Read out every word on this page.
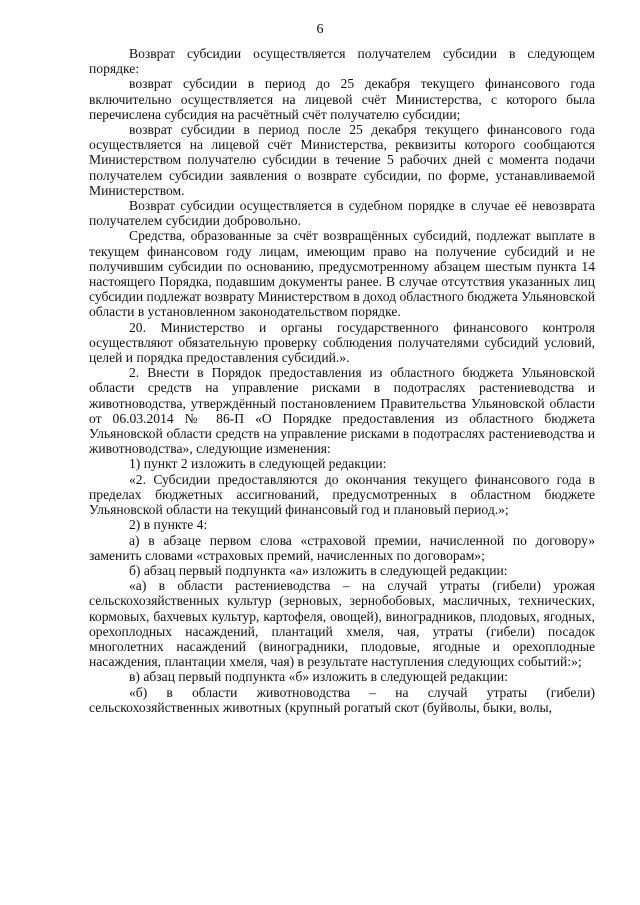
6

Возврат субсидии осуществляется получателем субсидии в следующем порядке:

возврат субсидии в период до 25 декабря текущего финансового года включительно осуществляется на лицевой счёт Министерства, с которого была перечислена субсидия на расчётный счёт получателю субсидии;

возврат субсидии в период после 25 декабря текущего финансового года осуществляется на лицевой счёт Министерства, реквизиты которого сообщаются Министерством получателю субсидии в течение 5 рабочих дней с момента подачи получателем субсидии заявления о возврате субсидии, по форме, устанавливаемой Министерством.

Возврат субсидии осуществляется в судебном порядке в случае её невозврата получателем субсидии добровольно.

Средства, образованные за счёт возвращённых субсидий, подлежат выплате в текущем финансовом году лицам, имеющим право на получение субсидий и не получившим субсидии по основанию, предусмотренному абзацем шестым пункта 14 настоящего Порядка, подавшим документы ранее. В случае отсутствия указанных лиц субсидии подлежат возврату Министерством в доход областного бюджета Ульяновской области в установленном законодательством порядке.

20. Министерство и органы государственного финансового контроля осуществляют обязательную проверку соблюдения получателями субсидий условий, целей и порядка предоставления субсидий.».

2. Внести в Порядок предоставления из областного бюджета Ульяновской области средств на управление рисками в подотраслях растениеводства и животноводства, утверждённый постановлением Правительства Ульяновской области от 06.03.2014 № 86-П «О Порядке предоставления из областного бюджета Ульяновской области средств на управление рисками в подотраслях растениеводства и животноводства», следующие изменения:

1) пункт 2 изложить в следующей редакции:

«2. Субсидии предоставляются до окончания текущего финансового года в пределах бюджетных ассигнований, предусмотренных в областном бюджете Ульяновской области на текущий финансовый год и плановый период.»;

2) в пункте 4:

а) в абзаце первом слова «страховой премии, начисленной по договору» заменить словами «страховых премий, начисленных по договорам»;

б) абзац первый подпункта «а» изложить в следующей редакции:

«а) в области растениеводства – на случай утраты (гибели) урожая сельскохозяйственных культур (зерновых, зернобобовых, масличных, технических, кормовых, бахчевых культур, картофеля, овощей), виноградников, плодовых, ягодных, орехоплодных насаждений, плантаций хмеля, чая, утраты (гибели) посадок многолетних насаждений (виноградники, плодовые, ягодные и орехоплодные насаждения, плантации хмеля, чая) в результате наступления следующих событий:»;

в) абзац первый подпункта «б» изложить в следующей редакции:

«б) в области животноводства – на случай утраты (гибели) сельскохозяйственных животных (крупный рогатый скот (буйволы, быки, волы,
